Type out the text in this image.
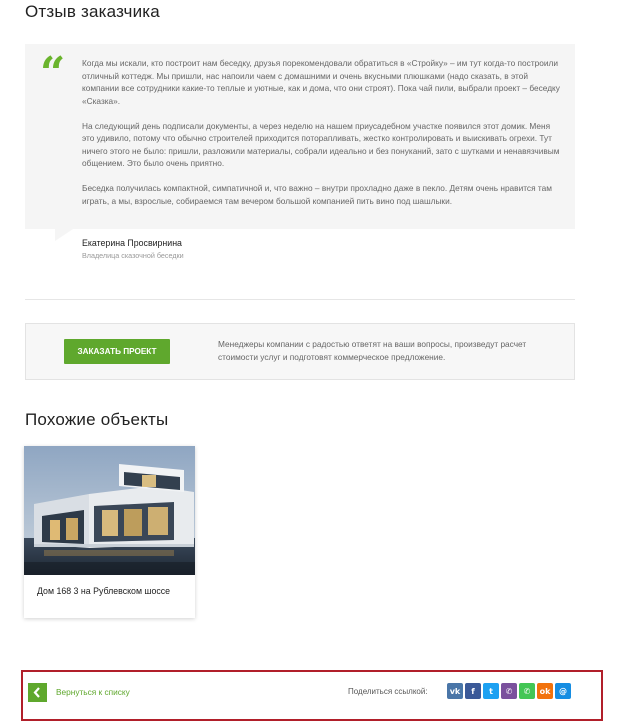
Отзыв заказчика
“ Когда мы искали, кто построит нам беседку, друзья порекомендовали обратиться в «Стройку» – им тут когда-то построили отличный коттедж. Мы пришли, нас напоили чаем с домашними и очень вкусными плюшками (надо сказать, в этой компании все сотрудники какие-то теплые и уютные, как и дома, что они строят). Пока чай пили, выбрали проект – беседку «Сказка».

На следующий день подписали документы, а через неделю на нашем приусадебном участке появился этот домик. Меня это удивило, потому что обычно строителей приходится поторапливать, жестко контролировать и выискивать огрехи. Тут ничего этого не было: пришли, разложили материалы, собрали идеально и без понуканий, зато с шутками и ненавязчивым общением. Это было очень приятно.

Беседка получилась компактной, симпатичной и, что важно – внутри прохладно даже в пекло. Детям очень нравится там играть, а мы, взрослые, собираемся там вечером большой компанией пить вино под шашлыки.

Екатерина Просвирнина
Владелица сказочной беседки
ЗАКАЗАТЬ ПРОЕКТ
Менеджеры компании с радостью ответят на ваши вопросы, произведут расчет стоимости услуг и подготовят коммерческое предложение.
Похожие объекты
Дом 168 3 на Рублевском шоссе
Вернуться к списку	Поделиться ссылкой:	vk	f	t	✆	✆	ok	@
